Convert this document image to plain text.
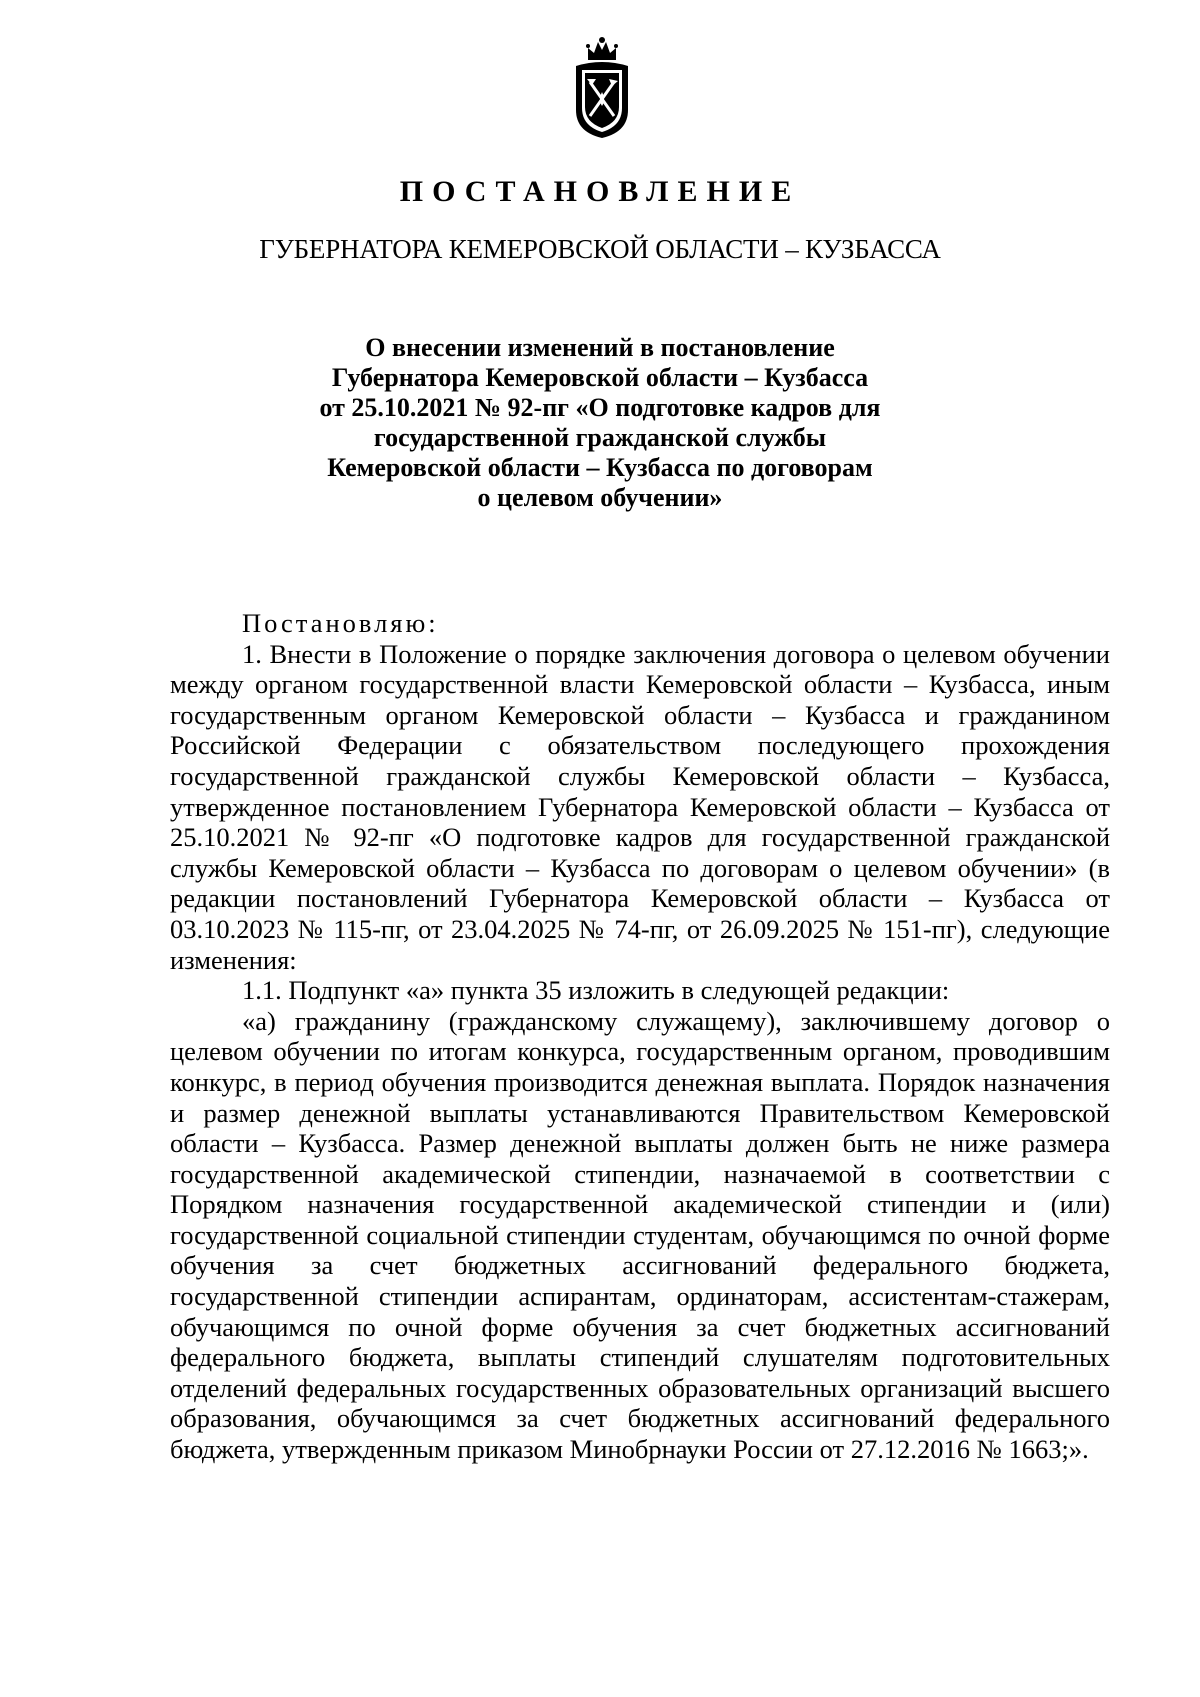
ПОСТАНОВЛЕНИЕ
ГУБЕРНАТОРА КЕМЕРОВСКОЙ ОБЛАСТИ – КУЗБАССА
О внесении изменений в постановление
Губернатора Кемеровской области – Кузбасса
от 25.10.2021 № 92-пг «О подготовке кадров для
государственной гражданской службы
Кемеровской области – Кузбасса по договорам
о целевом обучении»

Постановляю:

1. Внести в Положение о порядке заключения договора о целевом обучении между органом государственной власти Кемеровской области – Кузбасса, иным государственным органом Кемеровской области – Кузбасса и гражданином Российской Федерации с обязательством последующего прохождения государственной гражданской службы Кемеровской области – Кузбасса, утвержденное постановлением Губернатора Кемеровской области – Кузбасса от 25.10.2021 № 92-пг «О подготовке кадров для государственной гражданской службы Кемеровской области – Кузбасса по договорам о целевом обучении» (в редакции постановлений Губернатора Кемеровской области – Кузбасса от 03.10.2023 № 115-пг, от 23.04.2025 № 74-пг, от 26.09.2025 № 151-пг), следующие изменения:

1.1. Подпункт «а» пункта 35 изложить в следующей редакции:

«а) гражданину (гражданскому служащему), заключившему договор о целевом обучении по итогам конкурса, государственным органом, проводившим конкурс, в период обучения производится денежная выплата. Порядок назначения и размер денежной выплаты устанавливаются Правительством Кемеровской области – Кузбасса. Размер денежной выплаты должен быть не ниже размера государственной академической стипендии, назначаемой в соответствии с Порядком назначения государственной академической стипендии и (или) государственной социальной стипендии студентам, обучающимся по очной форме обучения за счет бюджетных ассигнований федерального бюджета, государственной стипендии аспирантам, ординаторам, ассистентам-стажерам, обучающимся по очной форме обучения за счет бюджетных ассигнований федерального бюджета, выплаты стипендий слушателям подготовительных отделений федеральных государственных образовательных организаций высшего образования, обучающимся за счет бюджетных ассигнований федерального бюджета, утвержденным приказом Минобрнауки России от 27.12.2016 № 1663;».
